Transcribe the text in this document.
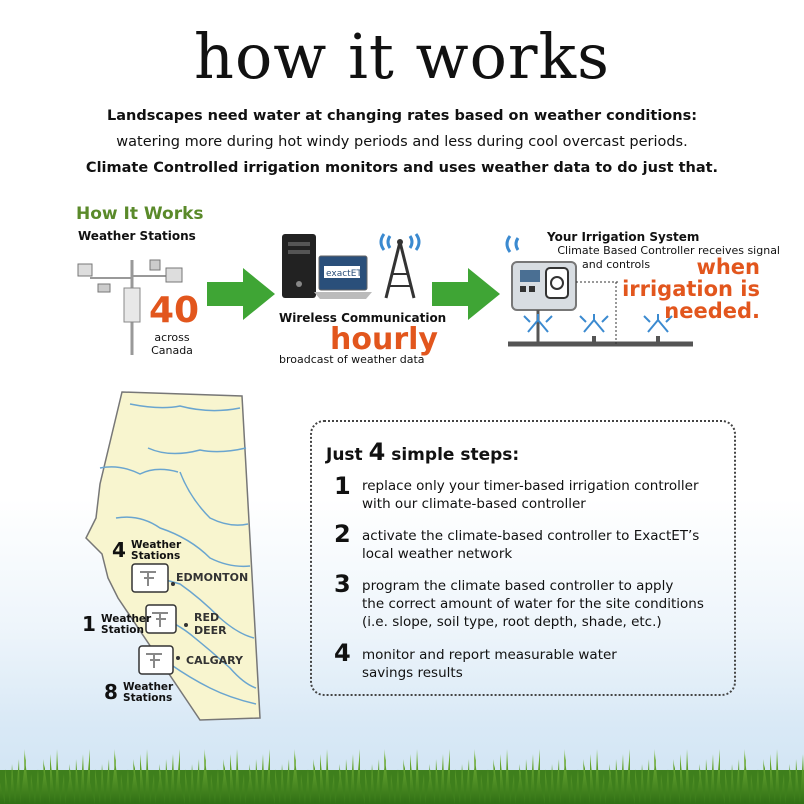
how it works
Landscapes need water at changing rates based on weather conditions:
watering more during hot windy periods and less during cool overcast periods.
Climate Controlled irrigation monitors and uses weather data to do just that.
How It Works
Weather Stations
40
across
Canada
exactET
Wireless Communication
hourly
broadcast of weather data
Your Irrigation System
Climate Based Controller receives signal
and controls	when
irrigation is
needed.
4 Weather
Stations
1 Weather
Station
8 Weather
Stations
EDMONTON
RED
DEER
CALGARY
Just 4 simple steps:
1 replace only your timer-based irrigation controller
with our climate-based controller
2 activate the climate-based controller to ExactET’s
local weather network
3 program the climate based controller to apply
the correct amount of water for the site conditions
(i.e. slope, soil type, root depth, shade, etc.)
4 monitor and report measurable water
savings results
